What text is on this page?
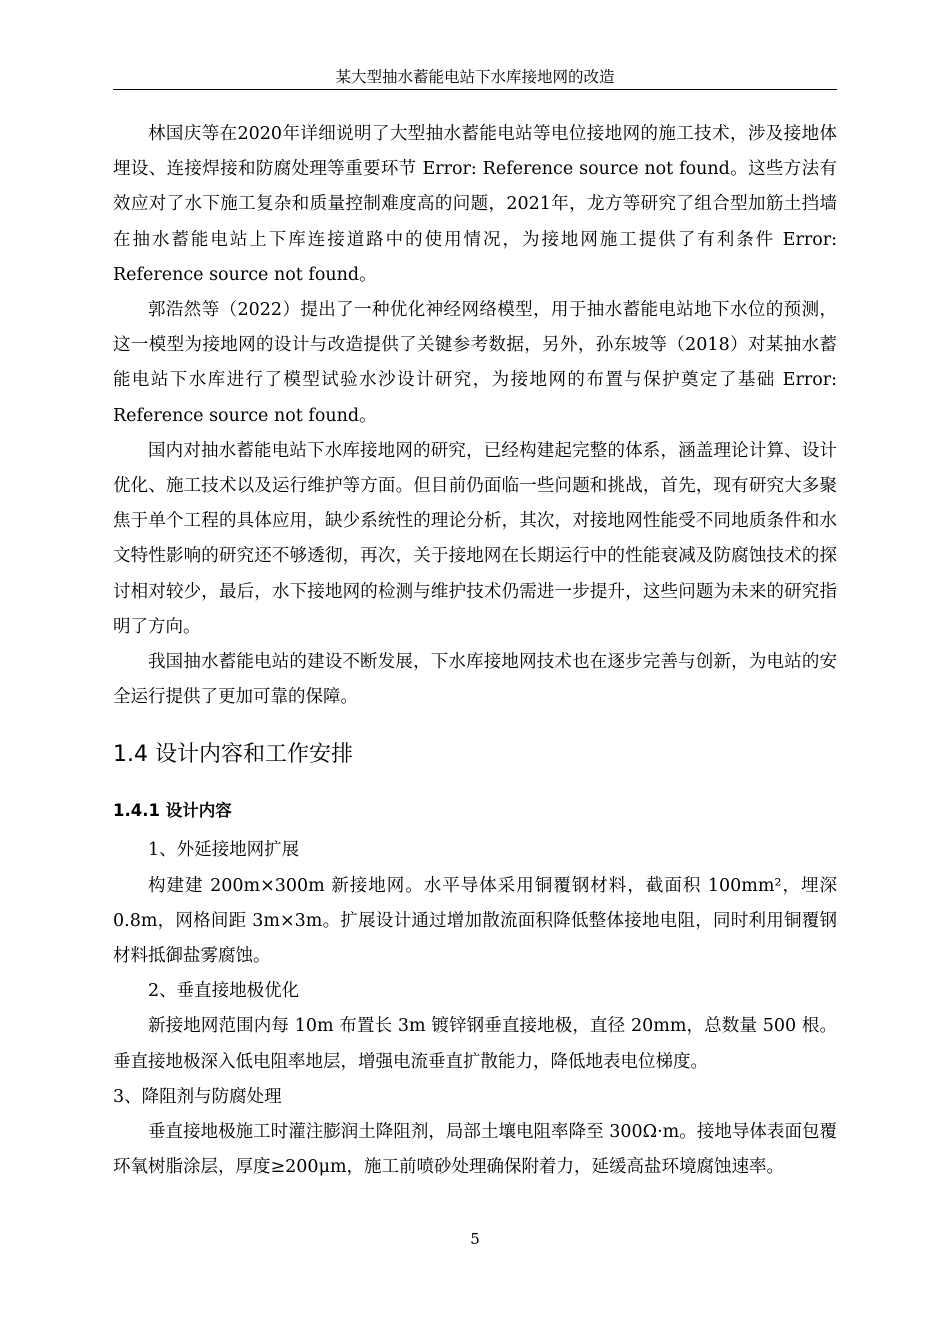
某大型抽水蓄能电站下水库接地网的改造

林国庆等在2020年详细说明了大型抽水蓄能电站等电位接地网的施工技术，涉及接地体埋设、连接焊接和防腐处理等重要环节 Error: Reference source not found。这些方法有效应对了水下施工复杂和质量控制难度高的问题，2021年，龙方等研究了组合型加筋土挡墙在抽水蓄能电站上下库连接道路中的使用情况，为接地网施工提供了有利条件 Error: Reference source not found。

郭浩然等（2022）提出了一种优化神经网络模型，用于抽水蓄能电站地下水位的预测，这一模型为接地网的设计与改造提供了关键参考数据，另外，孙东坡等（2018）对某抽水蓄能电站下水库进行了模型试验水沙设计研究，为接地网的布置与保护奠定了基础 Error: Reference source not found。

国内对抽水蓄能电站下水库接地网的研究，已经构建起完整的体系，涵盖理论计算、设计优化、施工技术以及运行维护等方面。但目前仍面临一些问题和挑战，首先，现有研究大多聚焦于单个工程的具体应用，缺少系统性的理论分析，其次，对接地网性能受不同地质条件和水文特性影响的研究还不够透彻，再次，关于接地网在长期运行中的性能衰减及防腐蚀技术的探讨相对较少，最后，水下接地网的检测与维护技术仍需进一步提升，这些问题为未来的研究指明了方向。

我国抽水蓄能电站的建设不断发展，下水库接地网技术也在逐步完善与创新，为电站的安全运行提供了更加可靠的保障。

1.4 设计内容和工作安排
1.4.1 设计内容

1、外延接地网扩展

构建建 200m×300m 新接地网。水平导体采用铜覆钢材料，截面积 100mm²，埋深 0.8m，网格间距 3m×3m。扩展设计通过增加散流面积降低整体接地电阻，同时利用铜覆钢材料抵御盐雾腐蚀。

2、垂直接地极优化

新接地网范围内每 10m 布置长 3m 镀锌钢垂直接地极，直径 20mm，总数量 500 根。垂直接地极深入低电阻率地层，增强电流垂直扩散能力，降低地表电位梯度。

3、降阻剂与防腐处理

垂直接地极施工时灌注膨润土降阻剂，局部土壤电阻率降至 300Ω·m。接地导体表面包覆环氧树脂涂层，厚度≥200μm，施工前喷砂处理确保附着力，延缓高盐环境腐蚀速率。

5
